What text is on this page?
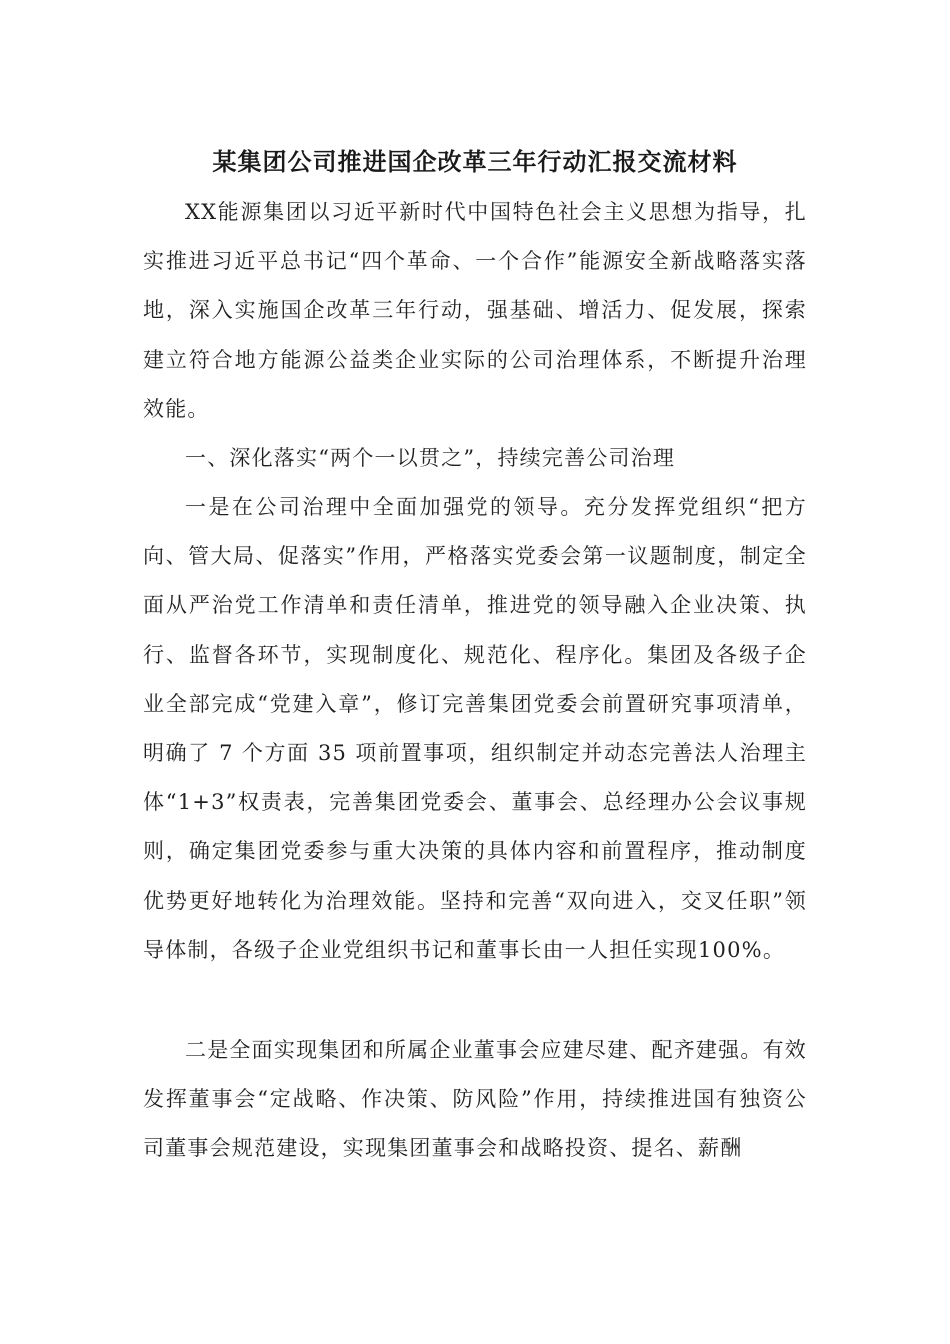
某集团公司推进国企改革三年行动汇报交流材料

XX能源集团以习近平新时代中国特色社会主义思想为指导，扎实推进习近平总书记“四个革命、一个合作”能源安全新战略落实落地，深入实施国企改革三年行动，强基础、增活力、促发展，探索建立符合地方能源公益类企业实际的公司治理体系，不断提升治理效能。

一、深化落实“两个一以贯之”，持续完善公司治理

一是在公司治理中全面加强党的领导。充分发挥党组织“把方向、管大局、促落实”作用，严格落实党委会第一议题制度，制定全面从严治党工作清单和责任清单，推进党的领导融入企业决策、执行、监督各环节，实现制度化、规范化、程序化。集团及各级子企业全部完成“党建入章”，修订完善集团党委会前置研究事项清单，明确了 7 个方面 35 项前置事项，组织制定并动态完善法人治理主体“1+3”权责表，完善集团党委会、董事会、总经理办公会议事规则，确定集团党委参与重大决策的具体内容和前置程序，推动制度优势更好地转化为治理效能。坚持和完善“双向进入，交叉任职”领导体制，各级子企业党组织书记和董事长由一人担任实现100%。

二是全面实现集团和所属企业董事会应建尽建、配齐建强。有效发挥董事会“定战略、作决策、防风险”作用，持续推进国有独资公司董事会规范建设，实现集团董事会和战略投资、提名、薪酬
